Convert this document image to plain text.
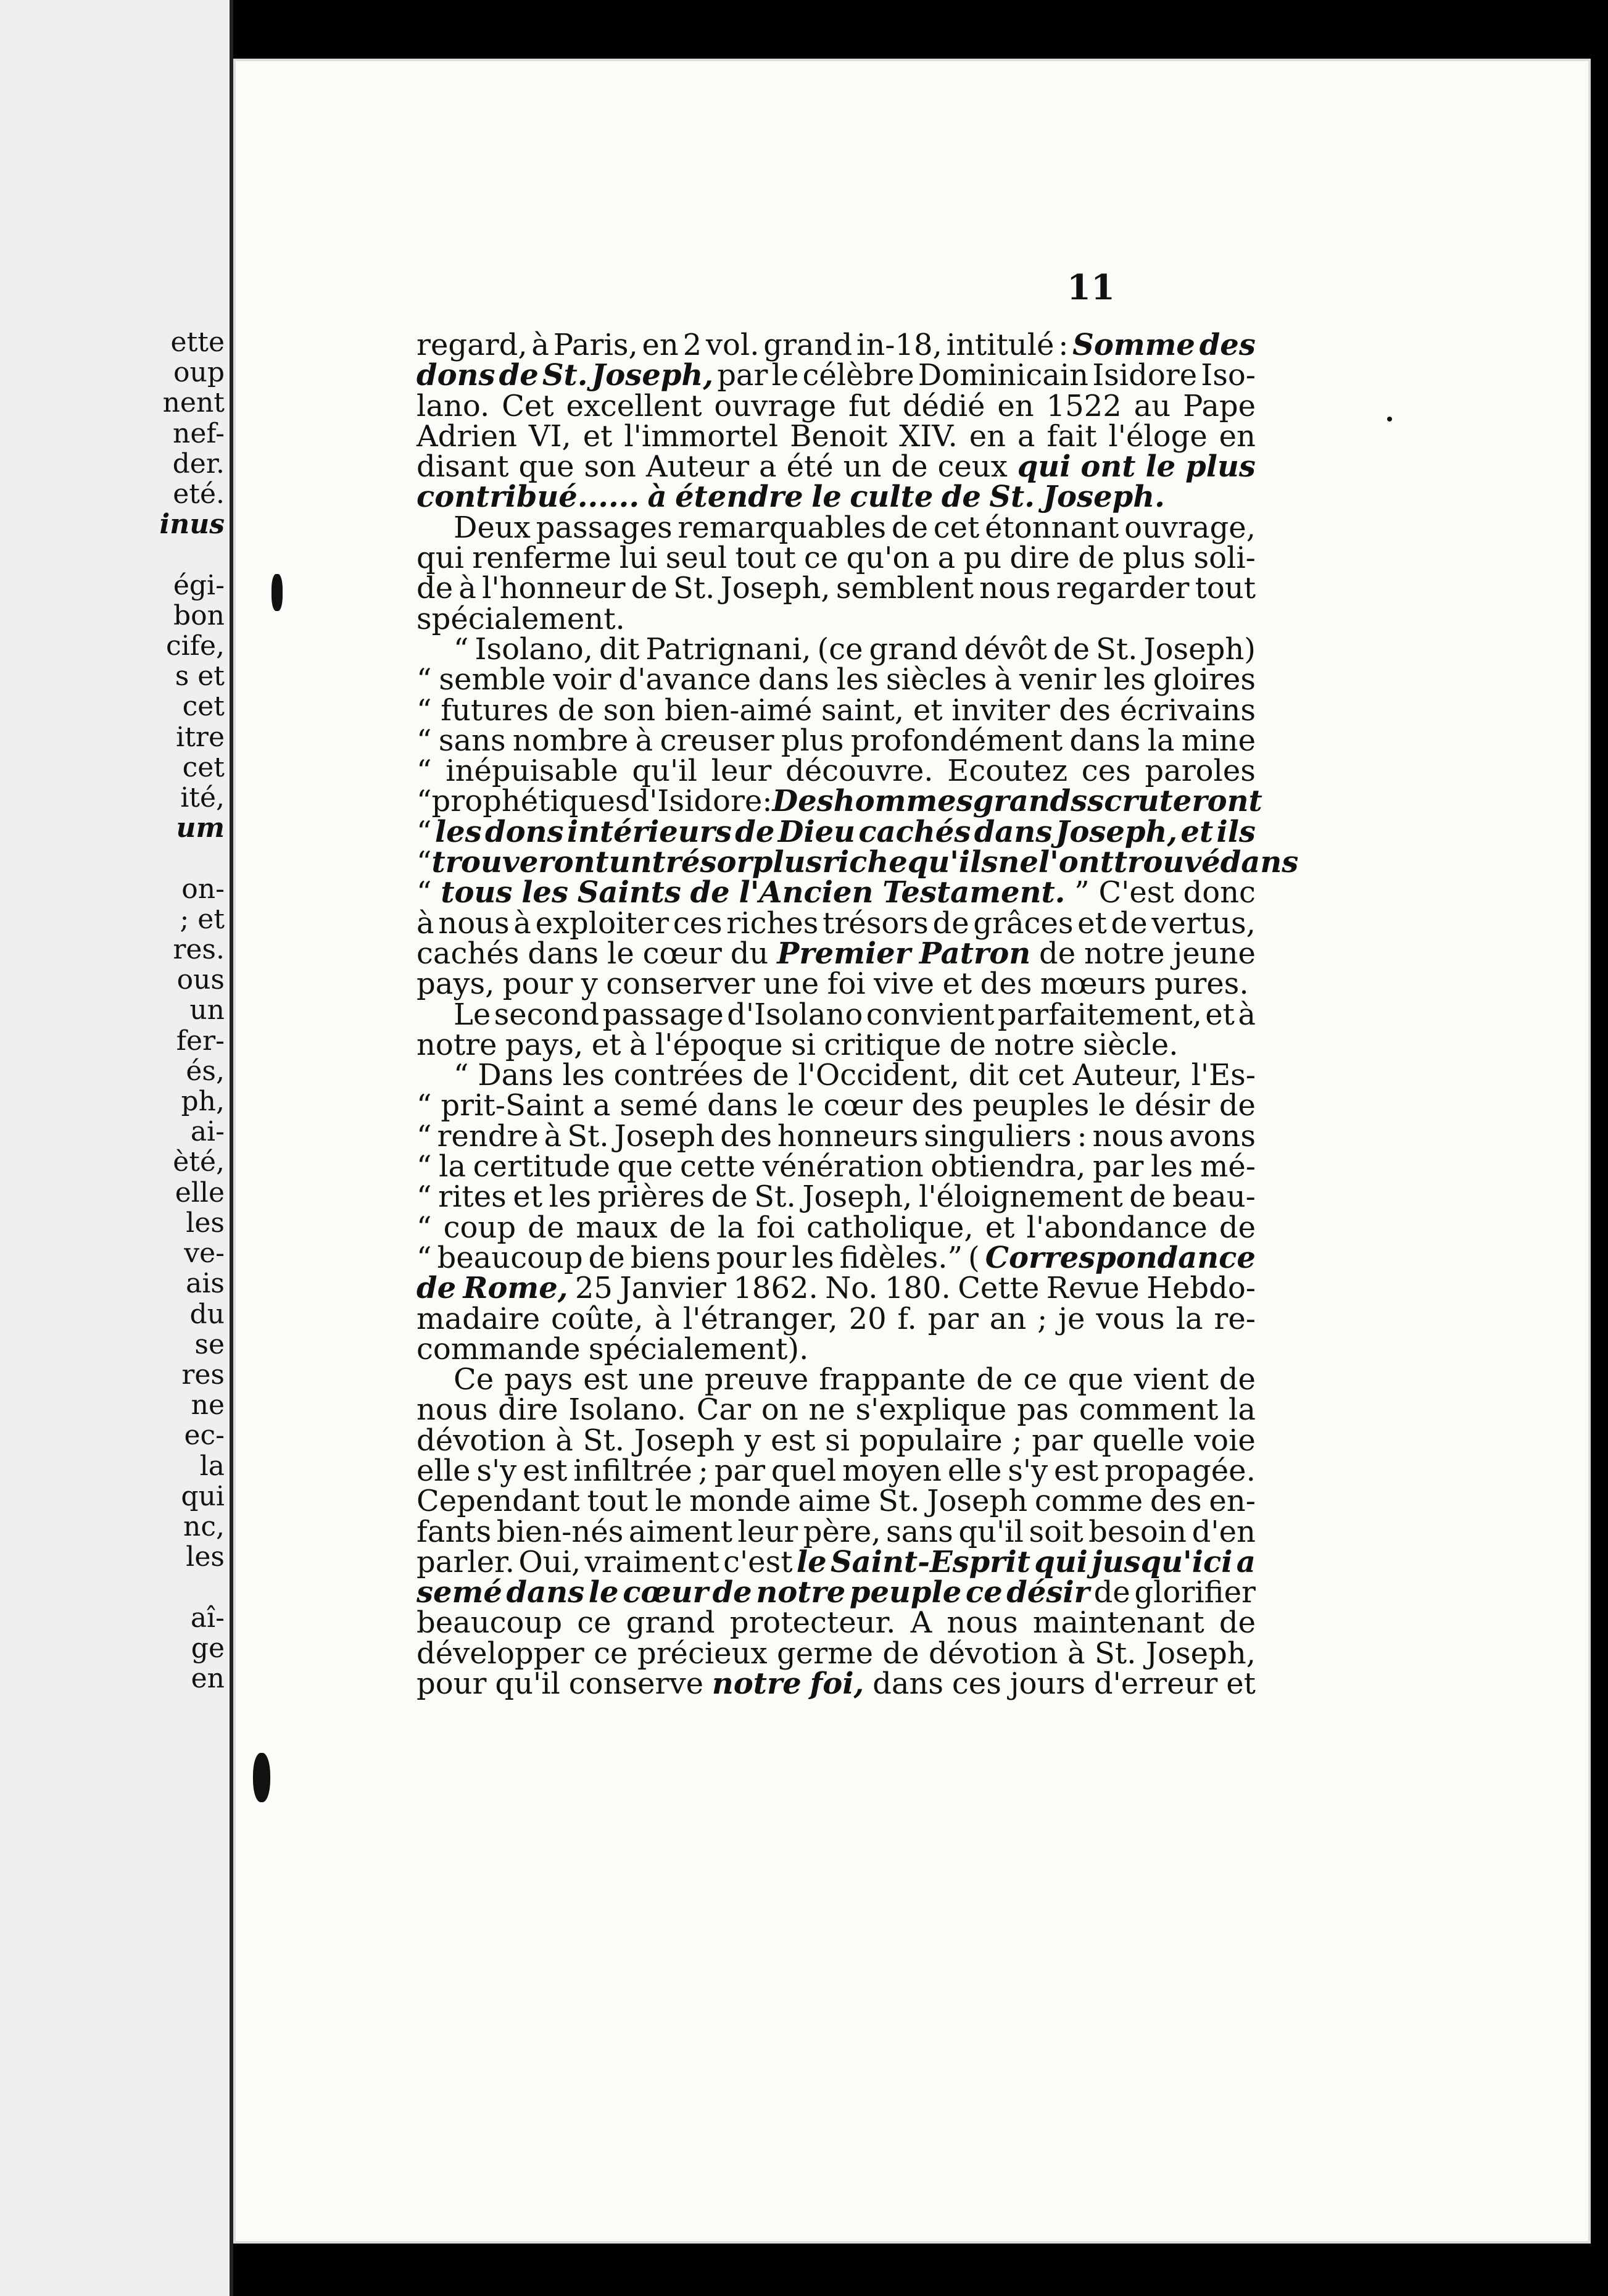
ette
oup
nent
nef-
der.
eté.
inus

égi-
bon
cife,
s et
cet
itre
cet
ité,
um

on-
; et
res.
ous
un
fer-
és,
ph,
ai-
èté,
elle
les
ve-
ais
du
se
res
ne
ec-
la
qui
nc,
les

aî-
ge
en
11
regard, à Paris, en 2 vol. grand in-18, intitulé : Somme des
dons de St. Joseph, par le célèbre Dominicain Isidore Iso-
lano. Cet excellent ouvrage fut dédié en 1522 au Pape
Adrien VI, et l'immortel Benoit XIV. en a fait l'éloge en
disant que son Auteur a été un de ceux qui ont le plus
contribué...... à étendre le culte de St. Joseph.
Deux passages remarquables de cet étonnant ouvrage,
qui renferme lui seul tout ce qu'on a pu dire de plus soli-
de à l'honneur de St. Joseph, semblent nous regarder tout
spécialement.
“ Isolano, dit Patrignani, (ce grand dévôt de St. Joseph)
“ semble voir d'avance dans les siècles à venir les gloires
“ futures de son bien-aimé saint, et inviter des écrivains
“ sans nombre à creuser plus profondément dans la mine
“ inépuisable qu'il leur découvre. Ecoutez ces paroles
“ prophétiques d'Isidore : Des hommes grands scruteront
“ les dons intérieurs de Dieu cachés dans Joseph, et ils
“ trouveront un trésor plus riche qu'ils ne l'ont trouvé dans
“ tous les Saints de l'Ancien Testament. ” C'est donc
à nous à exploiter ces riches trésors de grâces et de vertus,
cachés dans le cœur du Premier Patron de notre jeune
pays, pour y conserver une foi vive et des mœurs pures.
Le second passage d'Isolano convient parfaitement, et à
notre pays, et à l'époque si critique de notre siècle.
“ Dans les contrées de l'Occident, dit cet Auteur, l'Es-
“ prit-Saint a semé dans le cœur des peuples le désir de
“ rendre à St. Joseph des honneurs singuliers : nous avons
“ la certitude que cette vénération obtiendra, par les mé-
“ rites et les prières de St. Joseph, l'éloignement de beau-
“ coup de maux de la foi catholique, et l'abondance de
“ beaucoup de biens pour les fidèles.” ( Correspondance
de Rome, 25 Janvier 1862. No. 180. Cette Revue Hebdo-
madaire coûte, à l'étranger, 20 f. par an ; je vous la re-
commande spécialement).
Ce pays est une preuve frappante de ce que vient de
nous dire Isolano. Car on ne s'explique pas comment la
dévotion à St. Joseph y est si populaire ; par quelle voie
elle s'y est infiltrée ; par quel moyen elle s'y est propagée.
Cependant tout le monde aime St. Joseph comme des en-
fants bien-nés aiment leur père, sans qu'il soit besoin d'en
parler. Oui, vraiment c'est le Saint-Esprit qui jusqu'ici a
semé dans le cœur de notre peuple ce désir de glorifier
beaucoup ce grand protecteur. A nous maintenant de
développer ce précieux germe de dévotion à St. Joseph,
pour qu'il conserve notre foi, dans ces jours d'erreur et
